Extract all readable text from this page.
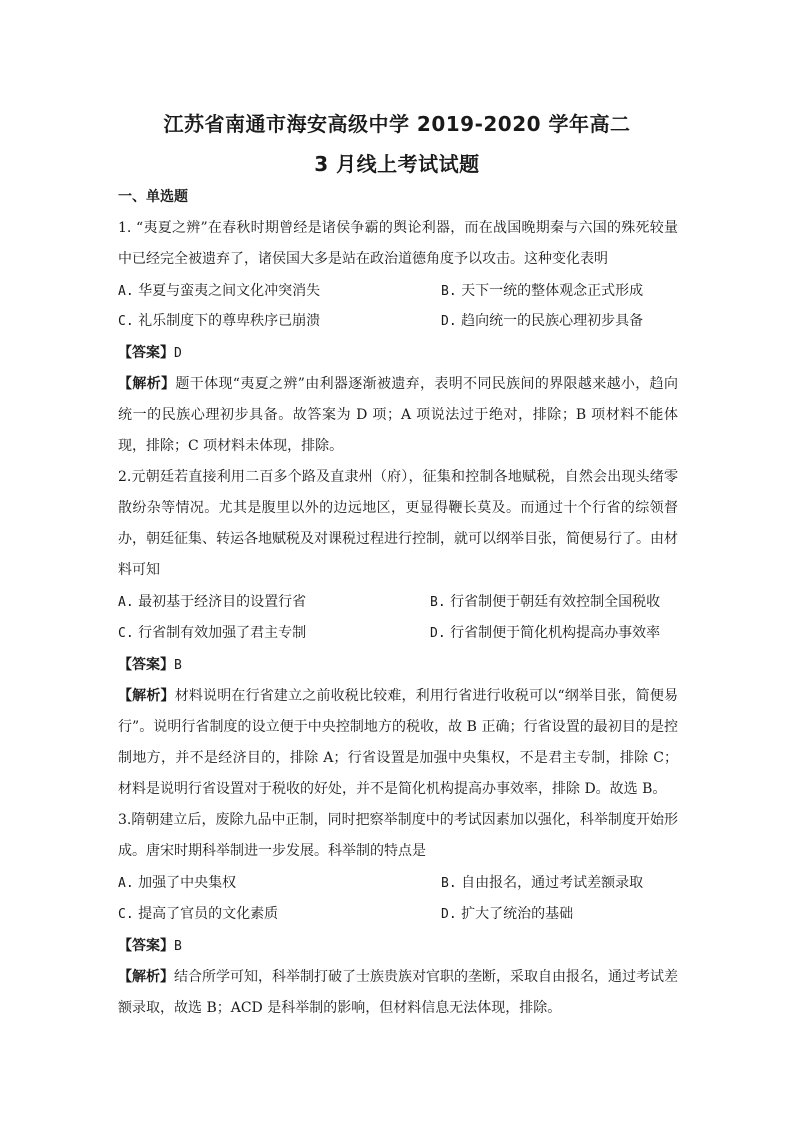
江苏省南通市海安高级中学 2019-2020 学年高二
3 月线上考试试题
一、单选题
1. “夷夏之辨”在春秋时期曾经是诸侯争霸的舆论利器，而在战国晚期秦与六国的殊死较量中已经完全被遗弃了，诸侯国大多是站在政治道德角度予以攻击。这种变化表明
A. 华夏与蛮夷之间文化冲突消失	B. 天下一统的整体观念正式形成
C. 礼乐制度下的尊卑秩序已崩溃	D. 趋向统一的民族心理初步具备
【答案】D
【解析】题干体现“夷夏之辨”由利器逐渐被遗弃，表明不同民族间的界限越来越小，趋向统一的民族心理初步具备。故答案为 D 项；A 项说法过于绝对，排除；B 项材料不能体现，排除；C 项材料未体现，排除。
2.元朝廷若直接利用二百多个路及直隶州（府），征集和控制各地赋税，自然会出现头绪零散纷杂等情况。尤其是腹里以外的边远地区，更显得鞭长莫及。而通过十个行省的综领督办，朝廷征集、转运各地赋税及对课税过程进行控制，就可以纲举目张，简便易行了。由材料可知
A. 最初基于经济目的设置行省	B. 行省制便于朝廷有效控制全国税收
C. 行省制有效加强了君主专制	D. 行省制便于简化机构提高办事效率
【答案】B
【解析】材料说明在行省建立之前收税比较难，利用行省进行收税可以“纲举目张，简便易行”。说明行省制度的设立便于中央控制地方的税收，故 B 正确；行省设置的最初目的是控制地方，并不是经济目的，排除 A；行省设置是加强中央集权，不是君主专制，排除 C；材料是说明行省设置对于税收的好处，并不是简化机构提高办事效率，排除 D。故选 B。
3.隋朝建立后，废除九品中正制，同时把察举制度中的考试因素加以强化，科举制度开始形成。唐宋时期科举制进一步发展。科举制的特点是
A. 加强了中央集权	B. 自由报名，通过考试差额录取
C. 提高了官员的文化素质	D. 扩大了统治的基础
【答案】B
【解析】结合所学可知，科举制打破了士族贵族对官职的垄断，采取自由报名，通过考试差额录取，故选 B；ACD 是科举制的影响，但材料信息无法体现，排除。
